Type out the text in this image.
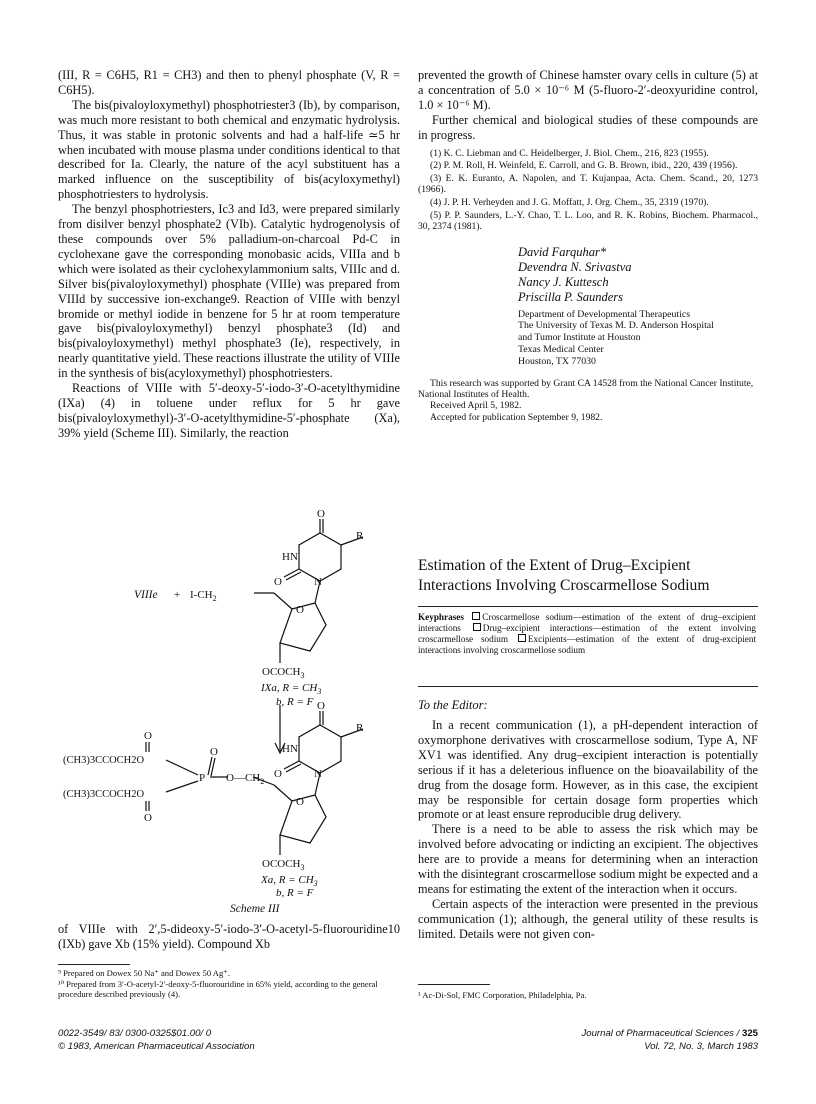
(III, R = C6H5, R1 = CH3) and then to phenyl phosphate (V, R = C6H5).

The bis(pivaloyloxymethyl) phosphotriester3 (Ib), by comparison, was much more resistant to both chemical and enzymatic hydrolysis. Thus, it was stable in protonic solvents and had a half-life ≃5 hr when incubated with mouse plasma under conditions identical to that described for Ia. Clearly, the nature of the acyl substituent has a marked influence on the susceptibility of bis(acyloxymethyl) phosphotriesters to hydrolysis.

The benzyl phosphotriesters, Ic3 and Id3, were prepared similarly from disilver benzyl phosphate2 (VIb). Catalytic hydrogenolysis of these compounds over 5% palladium-on-charcoal Pd-C in cyclohexane gave the corresponding monobasic acids, VIIIa and b which were isolated as their cyclohexylammonium salts, VIIIc and d. Silver bis(pivaloyloxymethyl) phosphate (VIIIe) was prepared from VIIId by successive ion-exchange9. Reaction of VIIIe with benzyl bromide or methyl iodide in benzene for 5 hr at room temperature gave bis(pivaloyloxymethyl) benzyl phosphate3 (Id) and bis(pivaloyloxymethyl) methyl phosphate3 (Ie), respectively, in nearly quantitative yield. These reactions illustrate the utility of VIIIe in the synthesis of bis(acyloxymethyl) phosphotriesters.

Reactions of VIIIe with 5′-deoxy-5′-iodo-3′-O-acetylthymidine (IXa) (4) in toluene under reflux for 5 hr gave bis(pivaloyloxymethyl)-3′-O-acetylthymidine-5′-phosphate (Xa), 39% yield (Scheme III). Similarly, the reaction

O
HN
R
O	N
O
VIIIe + $I-CH_2$
$OCOCH_3$
IXa, $R = CH_3$
b, R = F O
HN
R
O	N
O
O
(CH3)3CCOCH2O
(CH3)3CCOCH2O
O
O
P $O—CH_2$
$OCOCH_3$
Xa, $R = CH_3$
b, R = F
Scheme III

of VIIIe with 2′,5-dideoxy-5′-iodo-3′-O-acetyl-5-fluorouridine10 (IXb) gave Xb (15% yield). Compound Xb

⁹ Prepared on Dowex 50 Na⁺ and Dowex 50 Ag⁺.
¹⁰ Prepared from 3′-O-acetyl-2′-deoxy-5-fluorouridine in 65% yield, according to the general procedure described previously (4).

prevented the growth of Chinese hamster ovary cells in culture (5) at a concentration of 5.0 × 10⁻⁶ M (5-fluoro-2′-deoxyuridine control, 1.0 × 10⁻⁶ M).

Further chemical and biological studies of these compounds are in progress.

(1) K. C. Liebman and C. Heidelberger, J. Biol. Chem., 216, 823 (1955).

(2) P. M. Roll, H. Weinfeld, E. Carroll, and G. B. Brown, ibid., 220, 439 (1956).

(3) E. K. Euranto, A. Napolen, and T. Kujanpaa, Acta. Chem. Scand., 20, 1273 (1966).

(4) J. P. H. Verheyden and J. G. Moffatt, J. Org. Chem., 35, 2319 (1970).

(5) P. P. Saunders, L.-Y. Chao, T. L. Loo, and R. K. Robins, Biochem. Pharmacol., 30, 2374 (1981).

David Farquhar*
Devendra N. Srivastva
Nancy J. Kuttesch
Priscilla P. Saunders
Department of Developmental Therapeutics
The University of Texas M. D. Anderson Hospital
and Tumor Institute at Houston
Texas Medical Center
Houston, TX 77030

This research was supported by Grant CA 14528 from the National Cancer Institute, National Institutes of Health.

Received April 5, 1982.

Accepted for publication September 9, 1982.

Estimation of the Extent of Drug–Excipient
Interactions Involving Croscarmellose Sodium
Keyphrases Croscarmellose sodium—estimation of the extent of drug–excipient interactions Drug–excipient interactions—estimation of the extent involving croscarmellose sodium Excipients—estimation of the extent of drug-excipient interactions involving croscarmellose sodium
To the Editor:

In a recent communication (1), a pH-dependent interaction of oxymorphone derivatives with croscarmellose sodium, Type A, NF XV1 was identified. Any drug–excipient interaction is potentially serious if it has a deleterious influence on the bioavailability of the drug from the dosage form. However, as in this case, the excipient may be responsible for certain dosage form properties which promote or at least ensure reproducible drug delivery.

There is a need to be able to assess the risk which may be involved before advocating or indicting an excipient. The objectives here are to provide a means for determining when an interaction with the disintegrant croscarmellose sodium might be expected and a means for estimating the extent of the interaction when it occurs.

Certain aspects of the interaction were presented in the previous communication (1); although, the general utility of these results is limited. Details were not given con-

¹ Ac-Di-Sol, FMC Corporation, Philadelphia, Pa.
0022-3549/ 83/ 0300-0325$01.00/ 0
© 1983, American Pharmaceutical Association
Journal of Pharmaceutical Sciences / 325
Vol. 72, No. 3, March 1983
